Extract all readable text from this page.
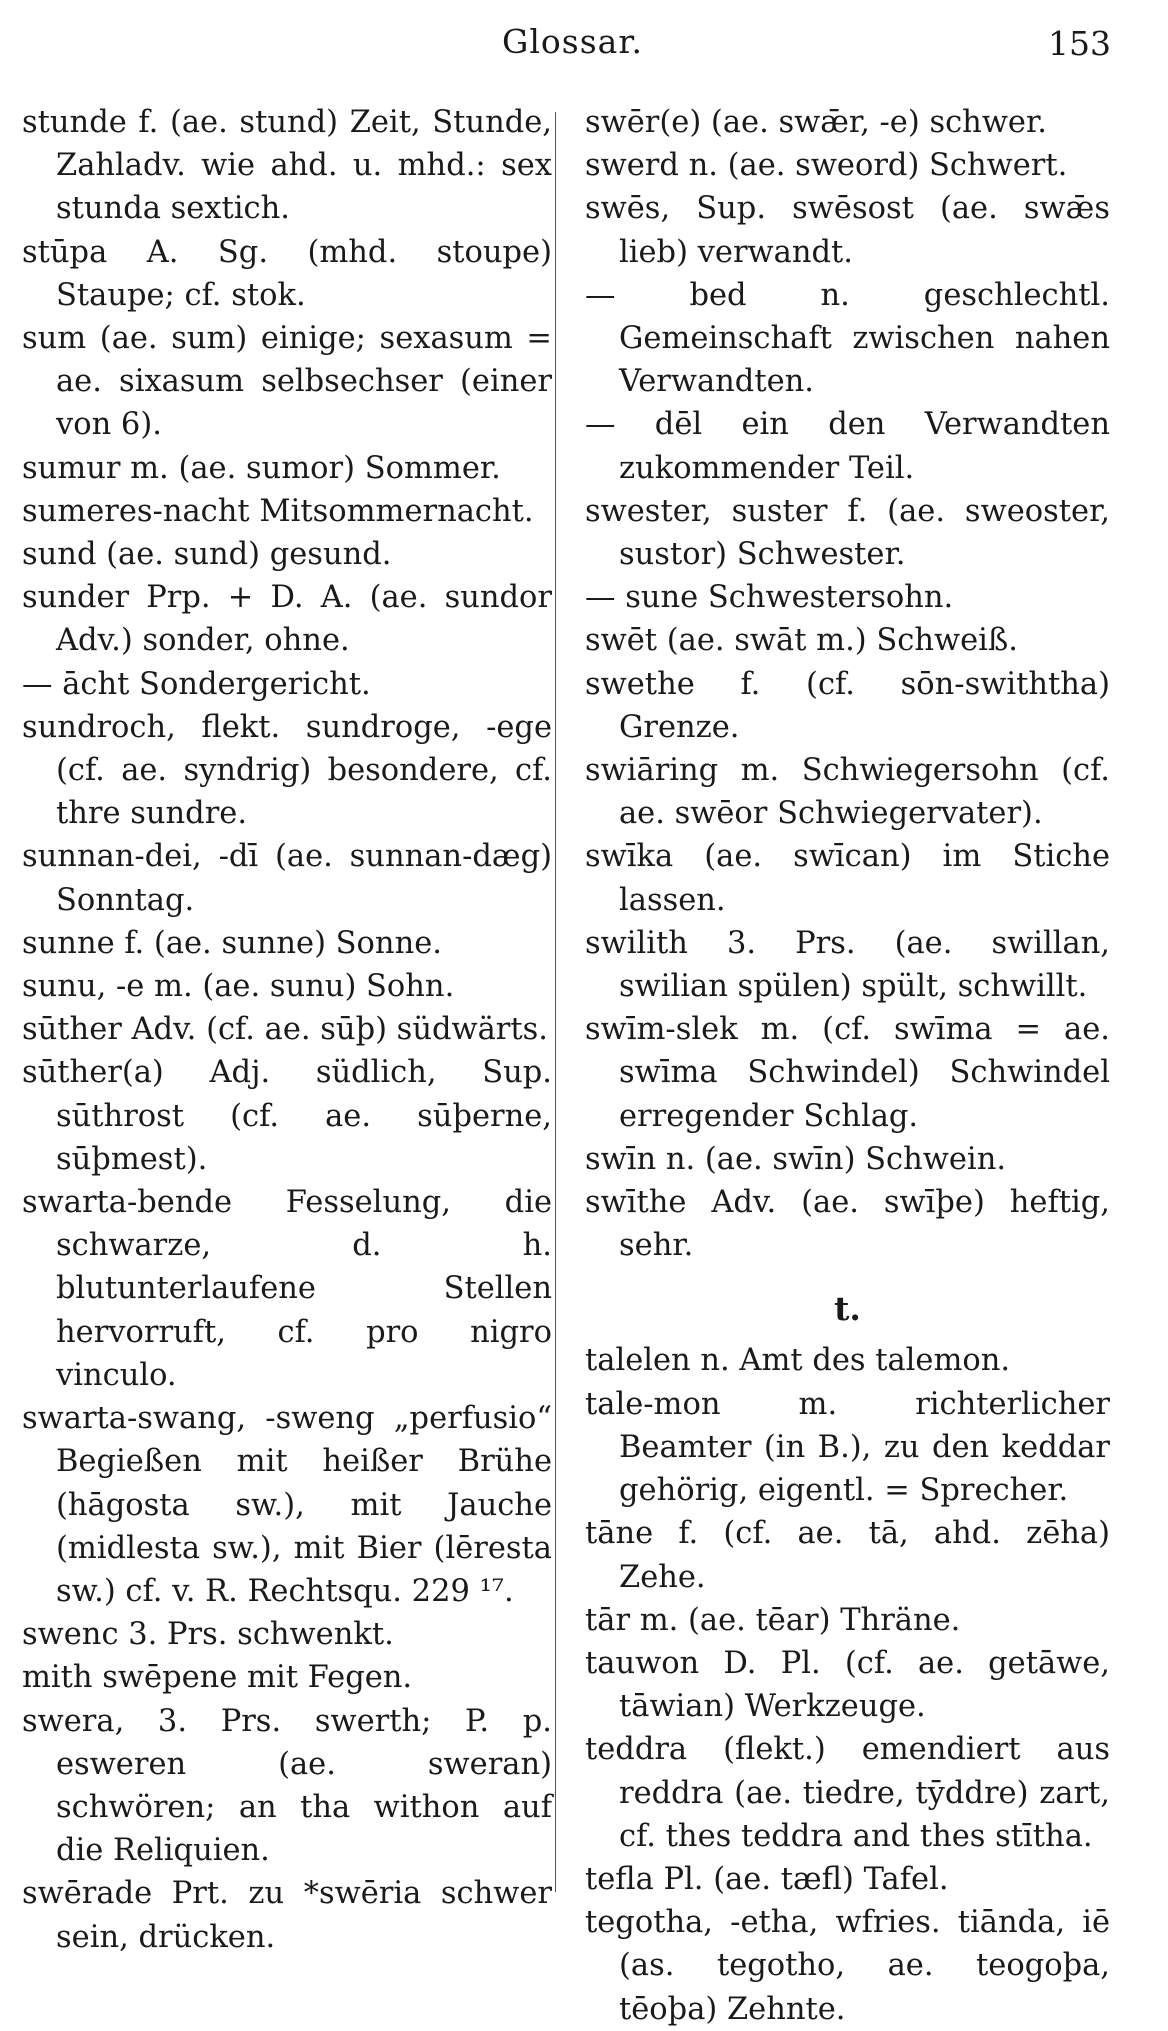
Glossar.	153

stunde f. (ae. stund) Zeit, Stunde, Zahladv. wie ahd. u. mhd.: sex stunda sextich.

stūpa A. Sg. (mhd. stoupe) Staupe; cf. stok.

sum (ae. sum) einige; sexasum = ae. sixasum selbsechser (einer von 6).

sumur m. (ae. sumor) Sommer.

sumeres-nacht Mitsommernacht.

sund (ae. sund) gesund.

sunder Prp. + D. A. (ae. sundor Adv.) sonder, ohne.

— ācht Sondergericht.

sundroch, flekt. sundroge, -ege (cf. ae. syndrig) besondere, cf. thre sundre.

sunnan-dei, -dī (ae. sunnan-dæg) Sonntag.

sunne f. (ae. sunne) Sonne.

sunu, -e m. (ae. sunu) Sohn.

sūther Adv. (cf. ae. sūþ) südwärts.

sūther(a) Adj. südlich, Sup. sūthrost (cf. ae. sūþerne, sūþmest).

swarta-bende Fesselung, die schwarze, d. h. blutunterlaufene Stellen hervorruft, cf. pro nigro vinculo.

swarta-swang, -sweng „perfusio“ Begießen mit heißer Brühe (hāgosta sw.), mit Jauche (midlesta sw.), mit Bier (lēresta sw.) cf. v. R. Rechtsqu. 229 ¹⁷.

swenc 3. Prs. schwenkt.

mith swēpene mit Fegen.

swera, 3. Prs. swerth; P. p. esweren (ae. sweran) schwören; an tha withon auf die Reliquien.

swērade Prt. zu *swēria schwer sein, drücken.

swēr(e) (ae. swǣr, -e) schwer.

swerd n. (ae. sweord) Schwert.

swēs, Sup. swēsost (ae. swǣs lieb) verwandt.

— bed n. geschlechtl. Gemeinschaft zwischen nahen Verwandten.

— dēl ein den Verwandten zukommender Teil.

swester, suster f. (ae. sweoster, sustor) Schwester.

— sune Schwestersohn.

swēt (ae. swāt m.) Schweiß.

swethe f. (cf. sōn-swiththa) Grenze.

swiāring m. Schwiegersohn (cf. ae. swēor Schwiegervater).

swīka (ae. swīcan) im Stiche lassen.

swilith 3. Prs. (ae. swillan, swilian spülen) spült, schwillt.

swīm-slek m. (cf. swīma = ae. swīma Schwindel) Schwindel erregender Schlag.

swīn n. (ae. swīn) Schwein.

swīthe Adv. (ae. swīþe) heftig, sehr.

t.

talelen n. Amt des talemon.

tale-mon m. richterlicher Beamter (in B.), zu den keddar gehörig, eigentl. = Sprecher.

tāne f. (cf. ae. tā, ahd. zēha) Zehe.

tār m. (ae. tēar) Thräne.

tauwon D. Pl. (cf. ae. getāwe, tāwian) Werkzeuge.

teddra (flekt.) emendiert aus reddra (ae. tiedre, tȳddre) zart, cf. thes teddra and thes stītha.

tefla Pl. (ae. tæfl) Tafel.

tegotha, -etha, wfries. tiānda, iē (as. tegotho, ae. teogoþa, tēoþa) Zehnte.
